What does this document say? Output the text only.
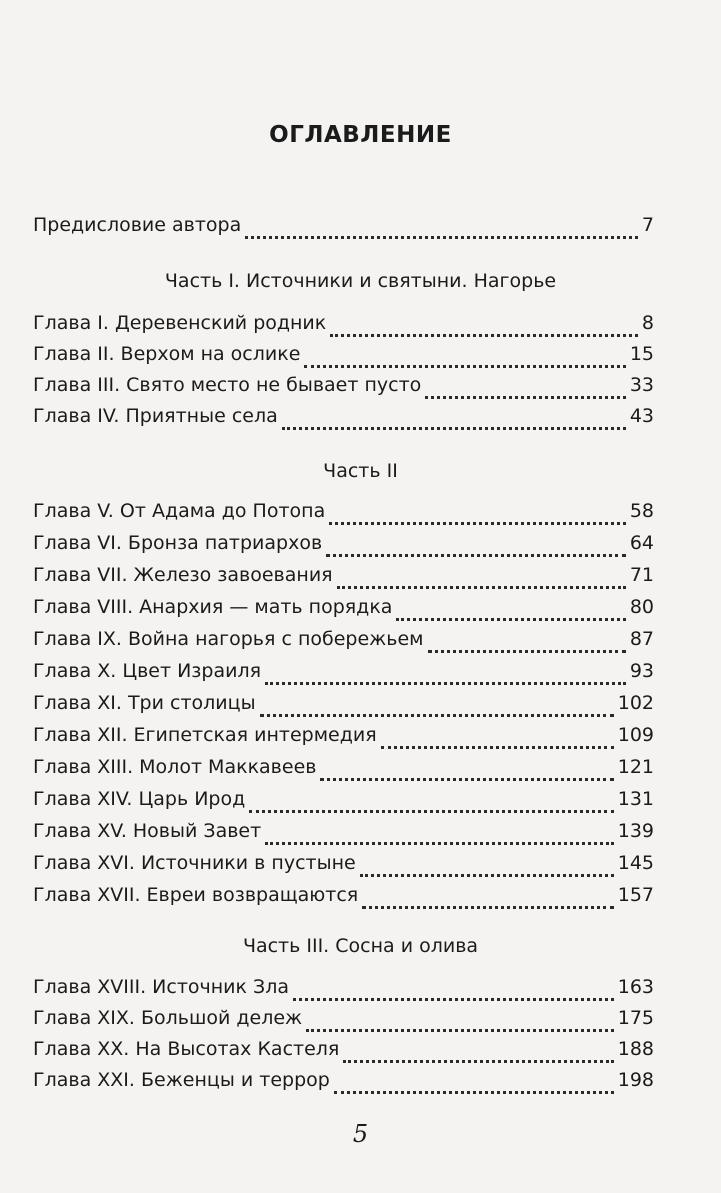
ОГЛАВЛЕНИЕ
Предисловие автора	7
Часть I. Источники и святыни. Нагорье
Глава I. Деревенский родник	8
Глава II. Верхом на ослике	15
Глава III. Свято место не бывает пусто	33
Глава IV. Приятные села	43
Часть II
Глава V. От Адама до Потопа	58
Глава VI. Бронза патриархов	64
Глава VII. Железо завоевания	71
Глава VIII. Анархия — мать порядка	80
Глава IX. Война нагорья с побережьем	87
Глава X. Цвет Израиля	93
Глава XI. Три столицы	102
Глава XII. Египетская интермедия	109
Глава XIII. Молот Маккавеев	121
Глава XIV. Царь Ирод	131
Глава XV. Новый Завет	139
Глава XVI. Источники в пустыне	145
Глава XVII. Евреи возвращаются	157
Часть III. Сосна и олива
Глава XVIII. Источник Зла	163
Глава XIX. Большой дележ	175
Глава XX. На Высотах Кастеля	188
Глава XXI. Беженцы и террор	198
5
